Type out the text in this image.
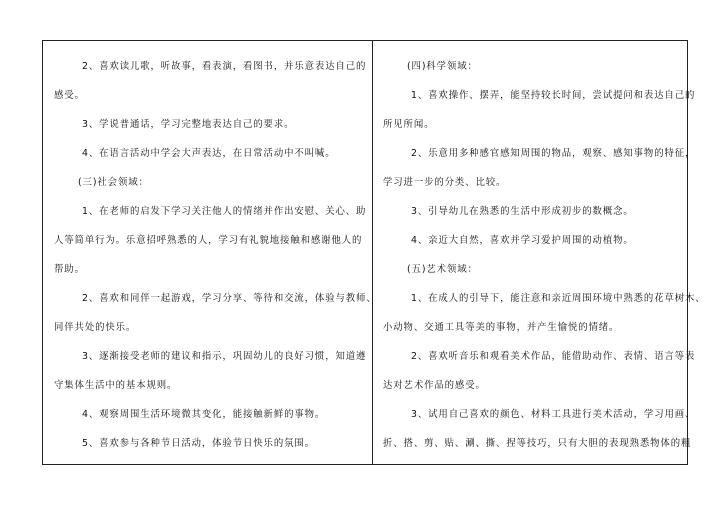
2、喜欢读儿歌，听故事，看表演，看图书，并乐意表达自己的
感受。
3、学说普通话，学习完整地表达自己的要求。
4、在语言活动中学会大声表达，在日常活动中不叫喊。
(三)社会领域：
1、在老师的启发下学习关注他人的情绪并作出安慰、关心、助
人等简单行为。乐意招呼熟悉的人，学习有礼貌地接触和感谢他人的
帮助。
2、喜欢和同伴一起游戏，学习分享、等待和交流，体验与教师、
同伴共处的快乐。
3、逐渐接受老师的建议和指示，巩固幼儿的良好习惯，知道遵
守集体生活中的基本规则。
4、观察周围生活环境微其变化，能接触新鲜的事物。
5、喜欢参与各种节日活动，体验节日快乐的氛围。
(四)科学领域：
1、喜欢操作、摆弄，能坚持较长时间，尝试提问和表达自己的
所见所闻。
2、乐意用多种感官感知周围的物品，观察、感知事物的特征，
学习进一步的分类、比较。
3、引导幼儿在熟悉的生活中形成初步的数概念。
4、亲近大自然，喜欢并学习爱护周围的动植物。
(五)艺术领域：
1、在成人的引导下，能注意和亲近周围环境中熟悉的花草树木、
小动物、交通工具等美的事物，并产生愉悦的情绪。
2、喜欢听音乐和观看美术作品，能借助动作、表情、语言等表
达对艺术作品的感受。
3、试用自己喜欢的颜色、材料工具进行美术活动，学习用画、
折、搭、剪、贴、涮、撕、捏等技巧，只有大胆的表现熟悉物体的粗
